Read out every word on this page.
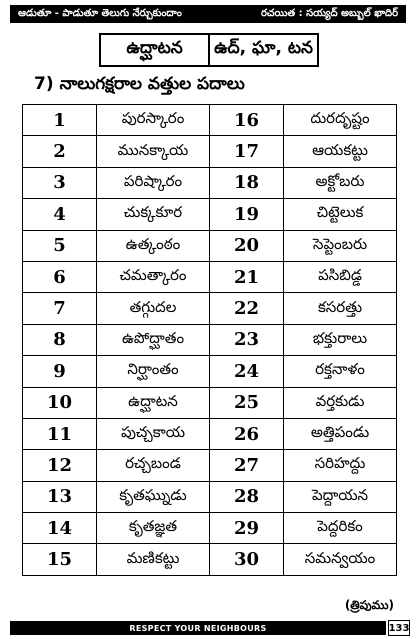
ఆడుతూ - పాడుతూ తెలుగు నేర్చుకుందాం	రచయిత : సయ్యద్ అబ్బుల్ ఖాదిర్
ఉద్ఘాటన	ఉద్, ఘా, టన
7) నాలుగక్షరాల వత్తుల పదాలు
1	పురస్కారం	16	దురదృష్టం
2	మునక్కాయ	17	ఆయకట్టు
3	పరిష్కారం	18	అక్టోబరు
4	చుక్కకూర	19	చిట్టెలుక
5	ఉత్కంఠం	20	సెప్టెంబరు
6	చమత్కారం	21	పసిబిడ్డ
7	తగ్గుదల	22	కసరత్తు
8	ఉపోద్ఘాతం	23	భక్తురాలు
9	నిర్ఘాంతం	24	రక్తనాళం
10	ఉద్ఘాటన	25	వర్తకుడు
11	పుచ్చకాయ	26	అత్తిపండు
12	రచ్చబండ	27	సరిహద్దు
13	కృతఘ్నుడు	28	పెద్దాయన
14	కృతజ్ఞత	29	పెద్దరికం
15	మణికట్టు	30	సమన్వయం
(త్రిపుము)
RESPECT YOUR NEIGHBOURS	133
